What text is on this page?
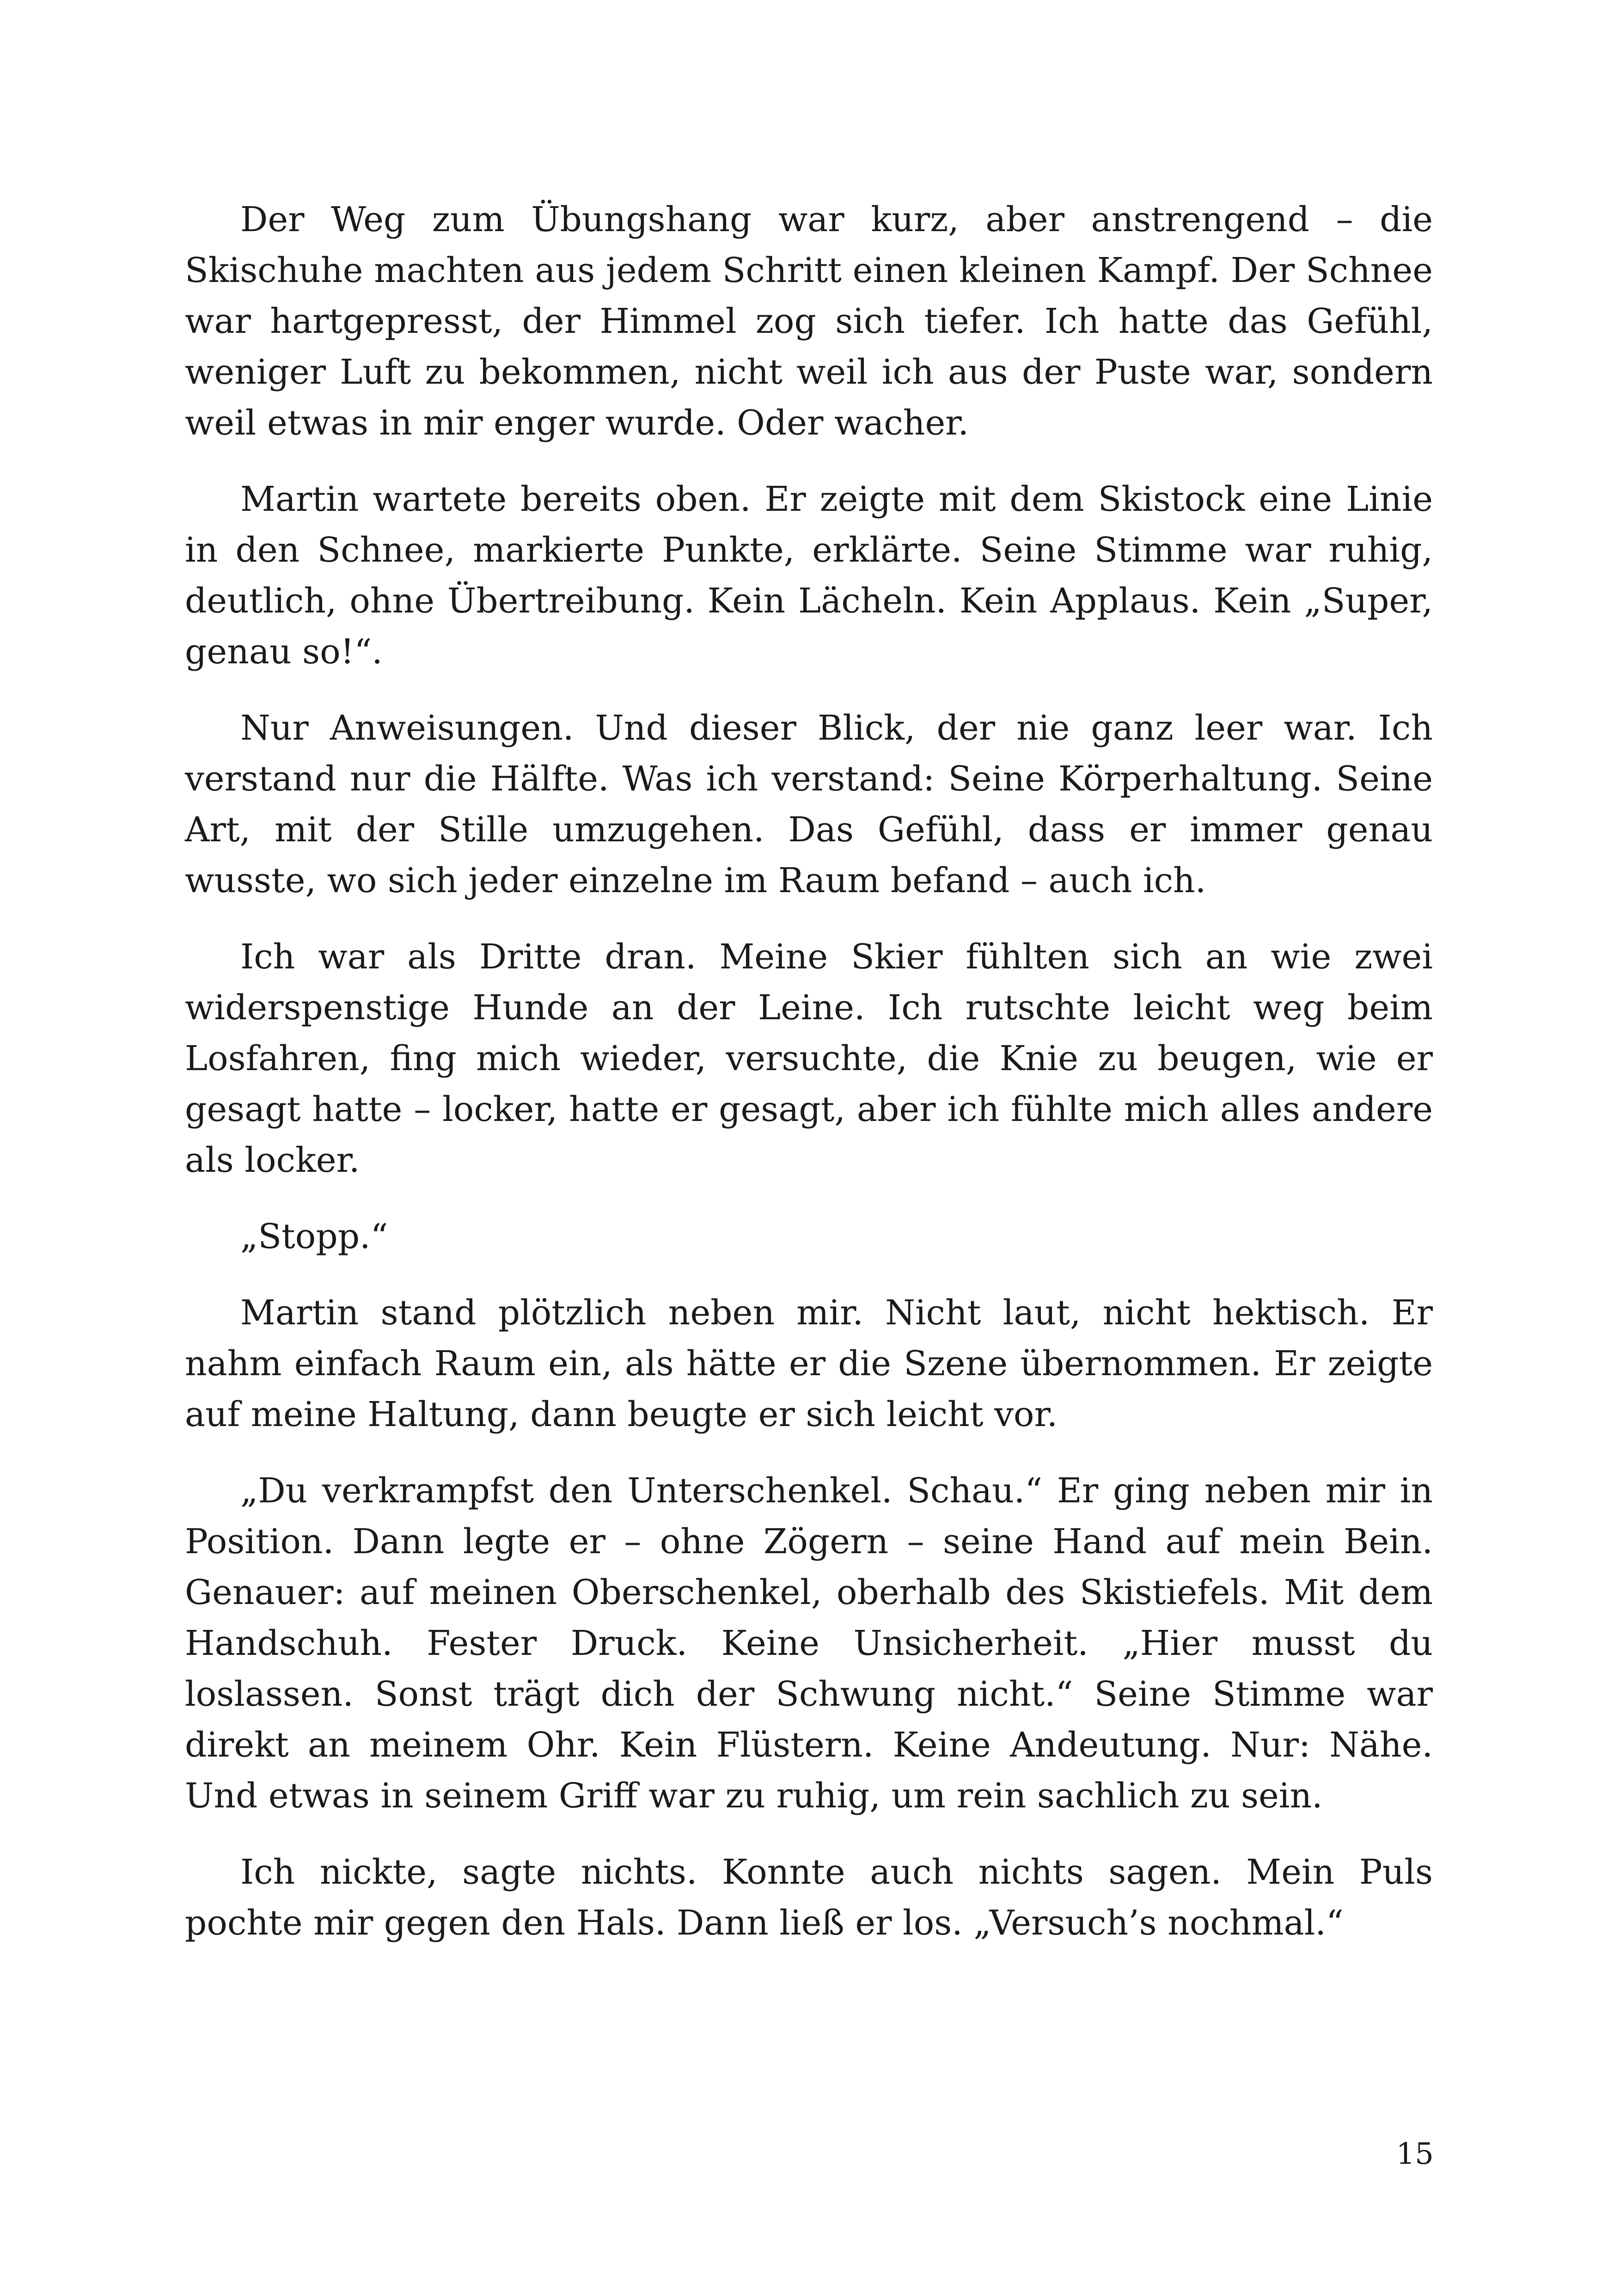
Der Weg zum Übungshang war kurz, aber anstrengend – die Skischuhe machten aus jedem Schritt einen kleinen Kampf. Der Schnee war hartgepresst, der Himmel zog sich tiefer. Ich hatte das Gefühl, weniger Luft zu bekommen, nicht weil ich aus der Puste war, sondern weil etwas in mir enger wurde. Oder wacher.

Martin wartete bereits oben. Er zeigte mit dem Skistock eine Linie in den Schnee, markierte Punkte, erklärte. Seine Stimme war ruhig, deutlich, ohne Übertreibung. Kein Lächeln. Kein Applaus. Kein „Super, genau so!“.

Nur Anweisungen. Und dieser Blick, der nie ganz leer war. Ich verstand nur die Hälfte. Was ich verstand: Seine Körperhaltung. Seine Art, mit der Stille umzugehen. Das Gefühl, dass er immer genau wusste, wo sich jeder einzelne im Raum befand – auch ich.

Ich war als Dritte dran. Meine Skier fühlten sich an wie zwei widerspenstige Hunde an der Leine. Ich rutschte leicht weg beim Losfahren, fing mich wieder, versuchte, die Knie zu beugen, wie er gesagt hatte – locker, hatte er gesagt, aber ich fühlte mich alles andere als locker.

„Stopp.“

Martin stand plötzlich neben mir. Nicht laut, nicht hektisch. Er nahm einfach Raum ein, als hätte er die Szene übernommen. Er zeigte auf meine Haltung, dann beugte er sich leicht vor.

„Du verkrampfst den Unterschenkel. Schau.“ Er ging neben mir in Position. Dann legte er – ohne Zögern – seine Hand auf mein Bein. Genauer: auf meinen Oberschenkel, oberhalb des Skistiefels. Mit dem Handschuh. Fester Druck. Keine Unsicherheit. „Hier musst du loslassen. Sonst trägt dich der Schwung nicht.“ Seine Stimme war direkt an meinem Ohr. Kein Flüstern. Keine Andeutung. Nur: Nähe. Und etwas in seinem Griff war zu ruhig, um rein sachlich zu sein.

Ich nickte, sagte nichts. Konnte auch nichts sagen. Mein Puls pochte mir gegen den Hals. Dann ließ er los. „Versuch’s nochmal.“

15
